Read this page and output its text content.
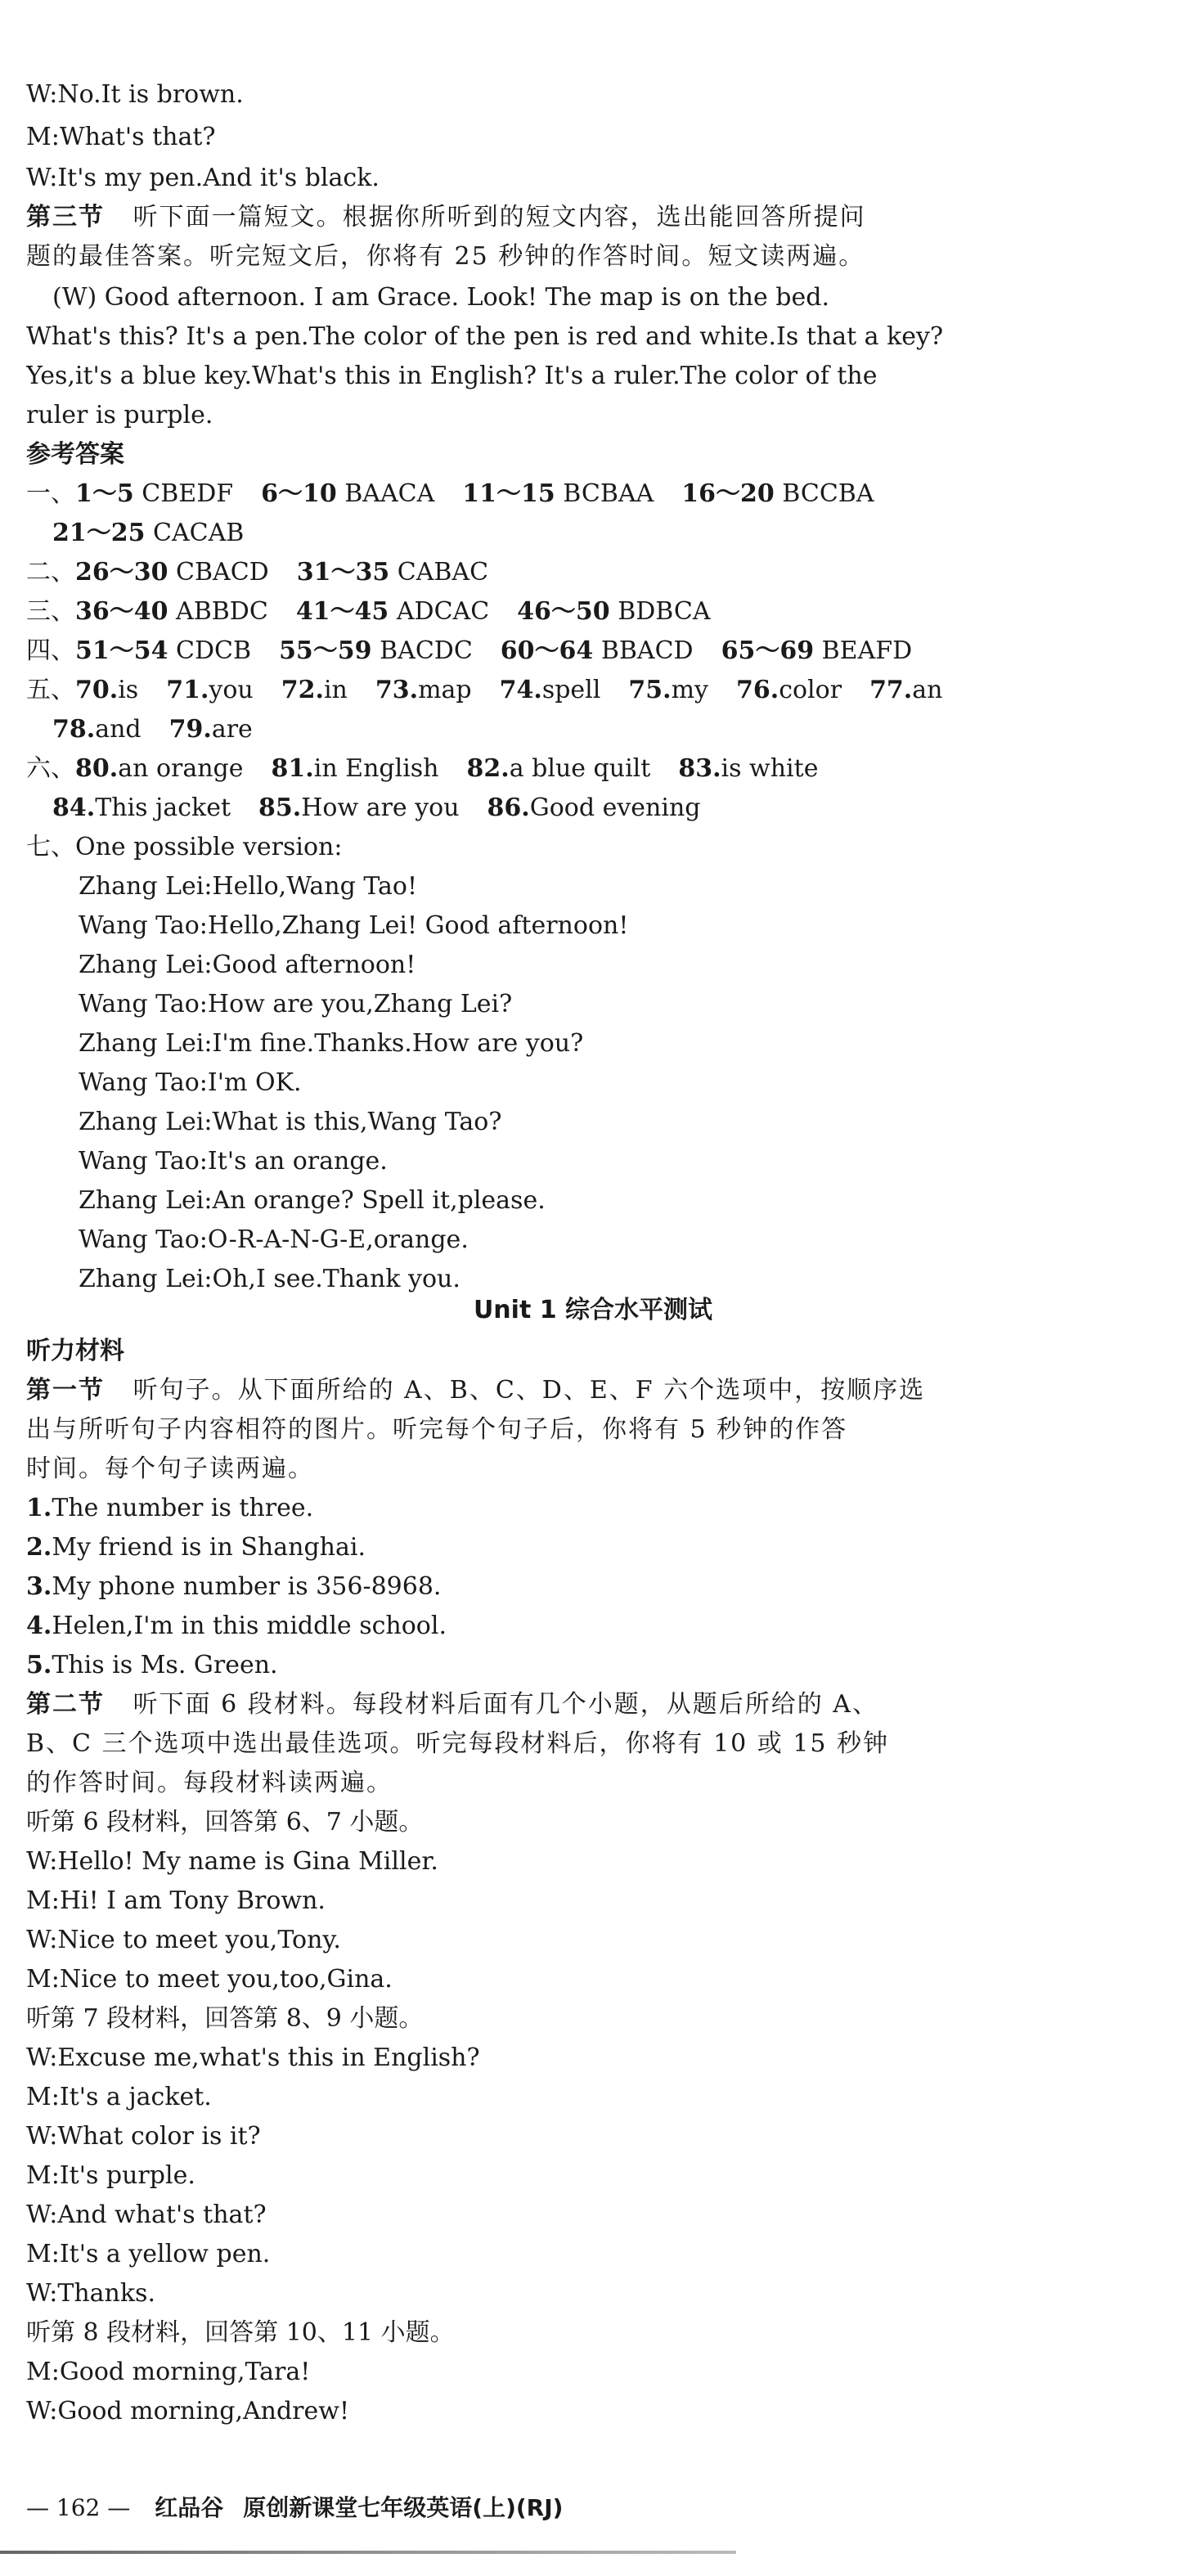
W:No.It is brown.
M:What's that?
W:It's my pen.And it's black.
第三节 听下面一篇短文。根据你所听到的短文内容，选出能回答所提问
题的最佳答案。听完短文后，你将有 25 秒钟的作答时间。短文读两遍。
(W) Good afternoon. I am Grace. Look! The map is on the bed.
What's this? It's a pen.The color of the pen is red and white.Is that a key?
Yes,it's a blue key.What's this in English? It's a ruler.The color of the
ruler is purple.
参考答案
一、1～5 CBEDF 6～10 BAACA 11～15 BCBAA 16～20 BCCBA
21～25 CACAB
二、26～30 CBACD 31～35 CABAC
三、36～40 ABBDC 41～45 ADCAC 46～50 BDBCA
四、51～54 CDCB 55～59 BACDC 60～64 BBACD 65～69 BEAFD
五、70.is 71.you 72.in 73.map 74.spell 75.my 76.color 77.an
78.and 79.are
六、80.an orange 81.in English 82.a blue quilt 83.is white
84.This jacket 85.How are you 86.Good evening
七、One possible version:
Zhang Lei:Hello,Wang Tao!
Wang Tao:Hello,Zhang Lei! Good afternoon!
Zhang Lei:Good afternoon!
Wang Tao:How are you,Zhang Lei?
Zhang Lei:I'm fine.Thanks.How are you?
Wang Tao:I'm OK.
Zhang Lei:What is this,Wang Tao?
Wang Tao:It's an orange.
Zhang Lei:An orange? Spell it,please.
Wang Tao:O-R-A-N-G-E,orange.
Zhang Lei:Oh,I see.Thank you.
Unit 1 综合水平测试
听力材料
第一节 听句子。从下面所给的 A、B、C、D、E、F 六个选项中，按顺序选
出与所听句子内容相符的图片。听完每个句子后，你将有 5 秒钟的作答
时间。每个句子读两遍。
1.The number is three.
2.My friend is in Shanghai.
3.My phone number is 356-8968.
4.Helen,I'm in this middle school.
5.This is Ms. Green.
第二节 听下面 6 段材料。每段材料后面有几个小题，从题后所给的 A、
B、C 三个选项中选出最佳选项。听完每段材料后，你将有 10 或 15 秒钟
的作答时间。每段材料读两遍。
听第 6 段材料，回答第 6、7 小题。
W:Hello! My name is Gina Miller.
M:Hi! I am Tony Brown.
W:Nice to meet you,Tony.
M:Nice to meet you,too,Gina.
听第 7 段材料，回答第 8、9 小题。
W:Excuse me,what's this in English?
M:It's a jacket.
W:What color is it?
M:It's purple.
W:And what's that?
M:It's a yellow pen.
W:Thanks.
听第 8 段材料，回答第 10、11 小题。
M:Good morning,Tara!
W:Good morning,Andrew!
— 162 — 红品谷 原创新课堂七年级英语(上)(RJ)
